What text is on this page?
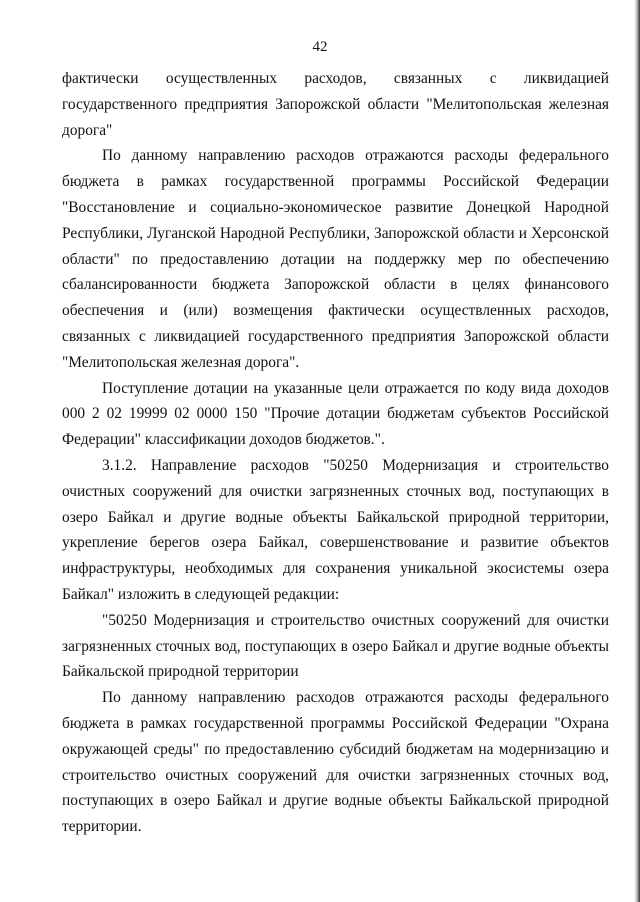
42

фактически осуществленных расходов, связанных с ликвидацией государственного предприятия Запорожской области "Мелитопольская железная дорога"

По данному направлению расходов отражаются расходы федерального бюджета в рамках государственной программы Российской Федерации "Восстановление и социально-экономическое развитие Донецкой Народной Республики, Луганской Народной Республики, Запорожской области и Херсонской области" по предоставлению дотации на поддержку мер по обеспечению сбалансированности бюджета Запорожской области в целях финансового обеспечения и (или) возмещения фактически осуществленных расходов, связанных с ликвидацией государственного предприятия Запорожской области "Мелитопольская железная дорога".

Поступление дотации на указанные цели отражается по коду вида доходов 000 2 02 19999 02 0000 150 "Прочие дотации бюджетам субъектов Российской Федерации" классификации доходов бюджетов.".

3.1.2. Направление расходов "50250 Модернизация и строительство очистных сооружений для очистки загрязненных сточных вод, поступающих в озеро Байкал и другие водные объекты Байкальской природной территории, укрепление берегов озера Байкал, совершенствование и развитие объектов инфраструктуры, необходимых для сохранения уникальной экосистемы озера Байкал" изложить в следующей редакции:

"50250 Модернизация и строительство очистных сооружений для очистки загрязненных сточных вод, поступающих в озеро Байкал и другие водные объекты Байкальской природной территории

По данному направлению расходов отражаются расходы федерального бюджета в рамках государственной программы Российской Федерации "Охрана окружающей среды" по предоставлению субсидий бюджетам на модернизацию и строительство очистных сооружений для очистки загрязненных сточных вод, поступающих в озеро Байкал и другие водные объекты Байкальской природной территории.
